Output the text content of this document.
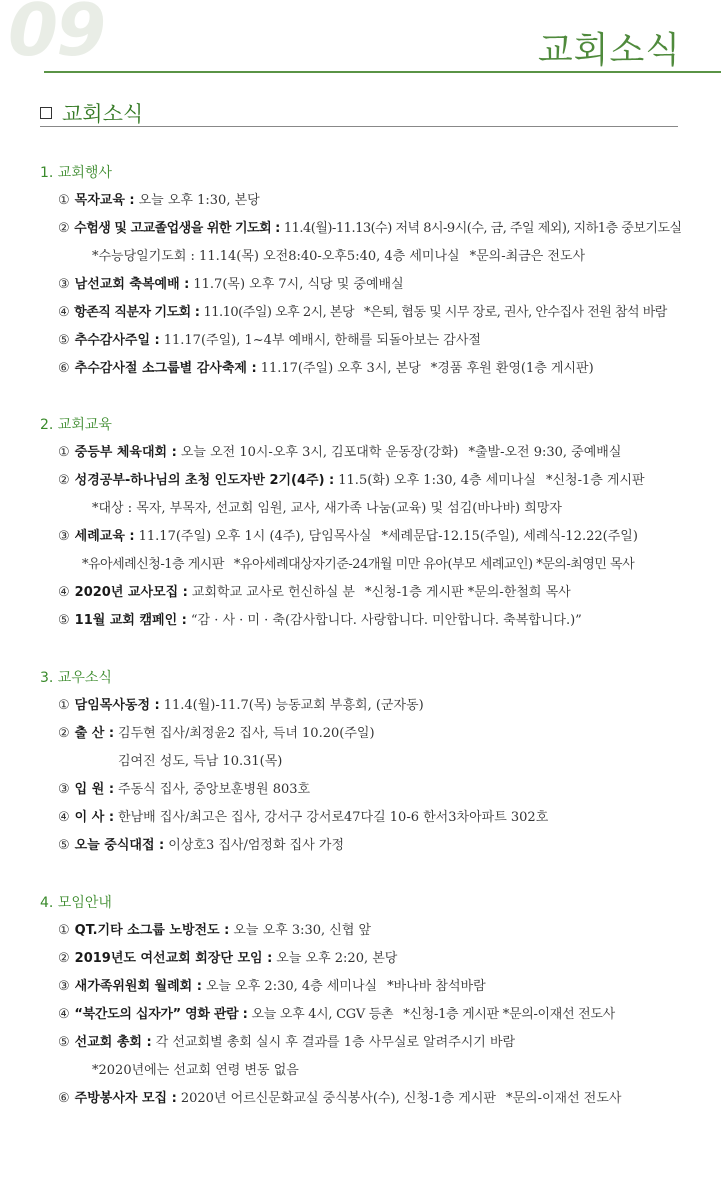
09	교회소식
교회소식
1. 교회행사
① 목자교육 : 오늘 오후 1:30, 본당
② 수험생 및 고교졸업생을 위한 기도회 : 11.4(월)-11.13(수) 저녁 8시-9시(수, 금, 주일 제외), 지하1층 중보기도실
*수능당일기도회 : 11.14(목) 오전8:40-오후5:40, 4층 세미나실 *문의-최금은 전도사
③ 남선교회 축복예배 : 11.7(목) 오후 7시, 식당 및 중예배실
④ 항존직 직분자 기도회 : 11.10(주일) 오후 2시, 본당 *은퇴, 협동 및 시무 장로, 권사, 안수집사 전원 참석 바람
⑤ 추수감사주일 : 11.17(주일), 1~4부 예배시, 한해를 되돌아보는 감사절
⑥ 추수감사절 소그룹별 감사축제 : 11.17(주일) 오후 3시, 본당 *경품 후원 환영(1층 게시판)
2. 교회교육
① 중등부 체육대회 : 오늘 오전 10시-오후 3시, 김포대학 운동장(강화) *출발-오전 9:30, 중예배실
② 성경공부-하나님의 초청 인도자반 2기(4주) : 11.5(화) 오후 1:30, 4층 세미나실 *신청-1층 게시판
*대상 : 목자, 부목자, 선교회 임원, 교사, 새가족 나눔(교육) 및 섬김(바나바) 희망자
③ 세례교육 : 11.17(주일) 오후 1시 (4주), 담임목사실 *세례문답-12.15(주일), 세례식-12.22(주일)
*유아세례신청-1층 게시판 *유아세례대상자기준-24개월 미만 유아(부모 세례교인) *문의-최영민 목사
④ 2020년 교사모집 : 교회학교 교사로 헌신하실 분 *신청-1층 게시판 *문의-한철희 목사
⑤ 11월 교회 캠페인 : “감 · 사 · 미 · 축(감사합니다. 사랑합니다. 미안합니다. 축복합니다.)”
3. 교우소식
① 담임목사동정 : 11.4(월)-11.7(목) 능동교회 부흥회, (군자동)
② 출 산 : 김두현 집사/최정윤2 집사, 득녀 10.20(주일)
김여진 성도, 득남 10.31(목)
③ 입 원 : 주동식 집사, 중앙보훈병원 803호
④ 이 사 : 한남배 집사/최고은 집사, 강서구 강서로47다길 10-6 한서3차아파트 302호
⑤ 오늘 중식대접 : 이상호3 집사/엄정화 집사 가정
4. 모임안내
① QT.기타 소그룹 노방전도 : 오늘 오후 3:30, 신협 앞
② 2019년도 여선교회 회장단 모임 : 오늘 오후 2:20, 본당
③ 새가족위원회 월례회 : 오늘 오후 2:30, 4층 세미나실 *바나바 참석바람
④ “북간도의 십자가” 영화 관람 : 오늘 오후 4시, CGV 등촌 *신청-1층 게시판 *문의-이재선 전도사
⑤ 선교회 총회 : 각 선교회별 총회 실시 후 결과를 1층 사무실로 알려주시기 바람
*2020년에는 선교회 연령 변동 없음
⑥ 주방봉사자 모집 : 2020년 어르신문화교실 중식봉사(수), 신청-1층 게시판 *문의-이재선 전도사
